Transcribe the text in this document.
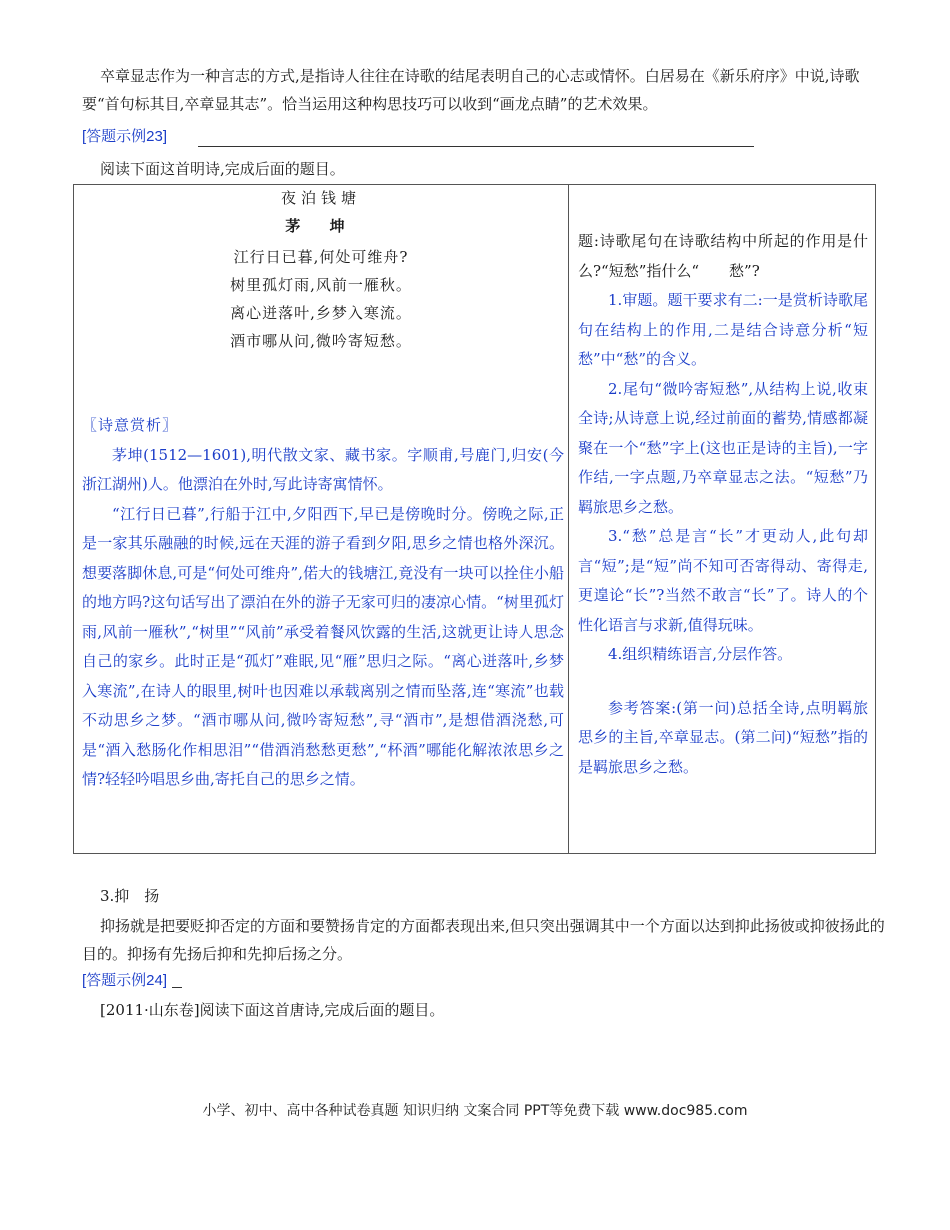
卒章显志作为一种言志的方式,是指诗人往往在诗歌的结尾表明自己的心志或情怀。白居易在《新乐府序》中说,诗歌要“首句标其目,卒章显其志”。恰当运用这种构思技巧可以收到“画龙点睛”的艺术效果。
[答题示例23]
阅读下面这首明诗,完成后面的题目。
夜泊钱塘
茅 坤
江行日已暮,何处可维舟?
树里孤灯雨,风前一雁秋。
离心迸落叶,乡梦入寒流。
酒市哪从问,微吟寄短愁。
〖诗意赏析〗

茅坤(1512—1601),明代散文家、藏书家。字顺甫,号鹿门,归安(今浙江湖州)人。他漂泊在外时,写此诗寄寓情怀。

“江行日已暮”,行船于江中,夕阳西下,早已是傍晚时分。傍晚之际,正是一家其乐融融的时候,远在天涯的游子看到夕阳,思乡之情也格外深沉。想要落脚休息,可是“何处可维舟”,偌大的钱塘江,竟没有一块可以拴住小船的地方吗?这句话写出了漂泊在外的游子无家可归的凄凉心情。“树里孤灯雨,风前一雁秋”,“树里”“风前”承受着餐风饮露的生活,这就更让诗人思念自己的家乡。此时正是“孤灯”难眠,见“雁”思归之际。“离心迸落叶,乡梦入寒流”,在诗人的眼里,树叶也因难以承载离别之情而坠落,连“寒流”也载不动思乡之梦。“酒市哪从问,微吟寄短愁”,寻“酒市”,是想借酒浇愁,可是“酒入愁肠化作相思泪”“借酒消愁愁更愁”,“杯酒”哪能化解浓浓思乡之情?轻轻吟唱思乡曲,寄托自己的思乡之情。

题:诗歌尾句在诗歌结构中所起的作用是什么?“短愁”指什么“　　愁”?

1.审题。题干要求有二:一是赏析诗歌尾句在结构上的作用,二是结合诗意分析“短愁”中“愁”的含义。

2.尾句“微吟寄短愁”,从结构上说,收束全诗;从诗意上说,经过前面的蓄势,情感都凝聚在一个“愁”字上(这也正是诗的主旨),一字作结,一字点题,乃卒章显志之法。“短愁”乃羁旅思乡之愁。

3.“愁”总是言“长”才更动人,此句却言“短”;是“短”尚不知可否寄得动、寄得走,更遑论“长”?当然不敢言“长”了。诗人的个性化语言与求新,值得玩味。

4.组织精练语言,分层作答。

参考答案:(第一问)总括全诗,点明羁旅思乡的主旨,卒章显志。(第二问)“短愁”指的是羁旅思乡之愁。

3.抑　扬
抑扬就是把要贬抑否定的方面和要赞扬肯定的方面都表现出来,但只突出强调其中一个方面以达到抑此扬彼或抑彼扬此的目的。抑扬有先扬后抑和先抑后扬之分。
[答题示例24]
[2011·山东卷]阅读下面这首唐诗,完成后面的题目。
小学、初中、高中各种试卷真题 知识归纳 文案合同 PPT等免费下载 www.doc985.com
